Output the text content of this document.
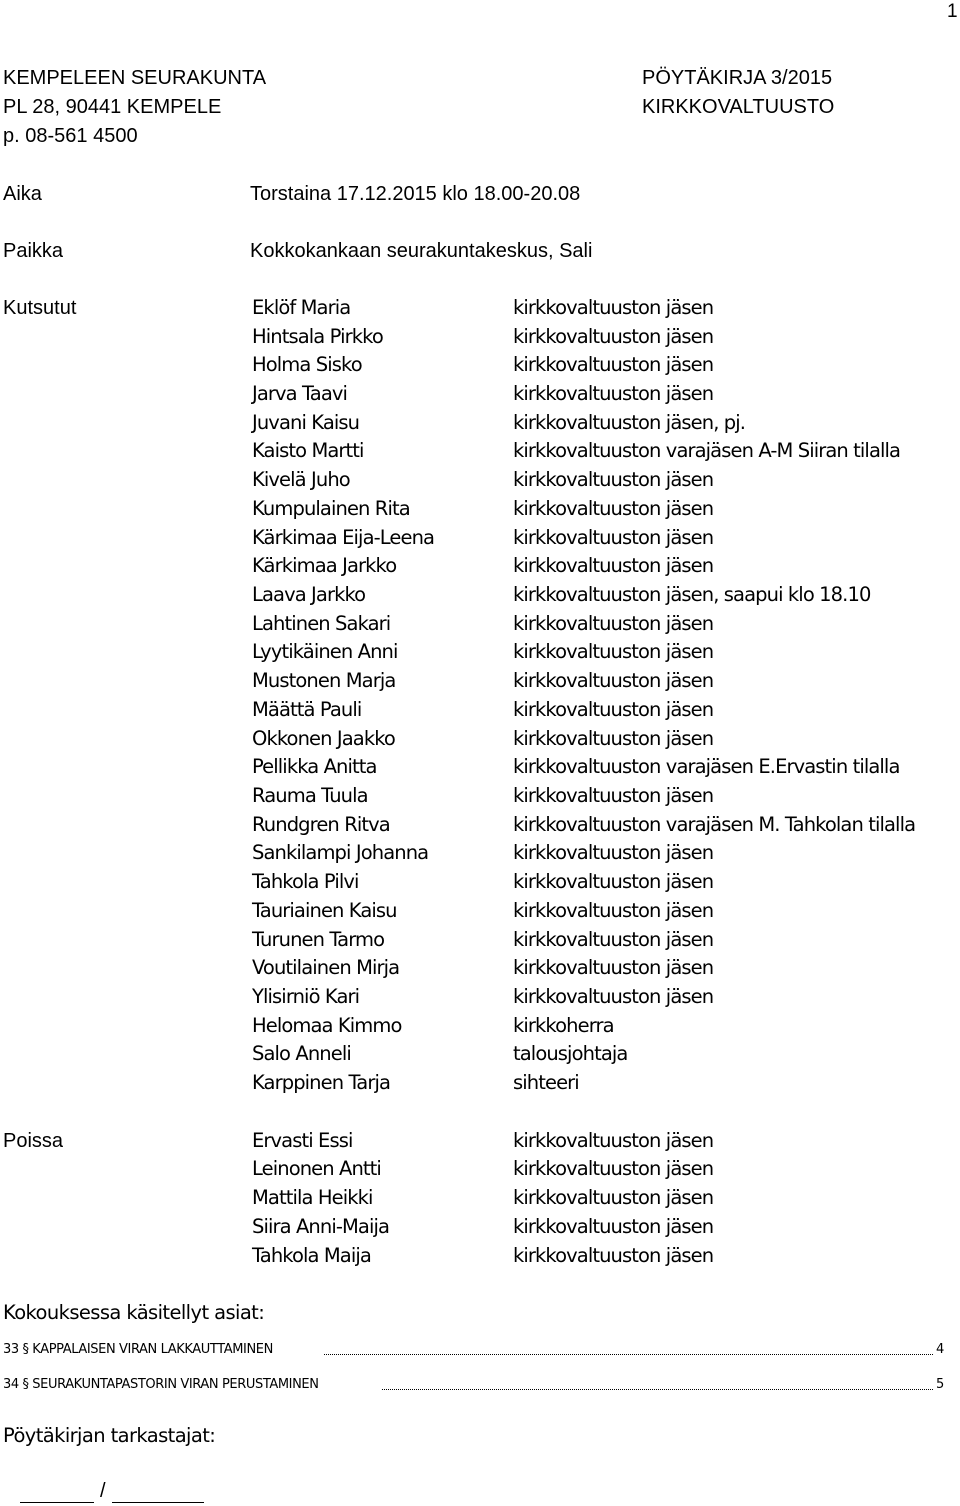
1
KEMPELEEN SEURAKUNTA
PL 28, 90441 KEMPELE
p. 08-561 4500
PÖYTÄKIRJA 3/2015
KIRKKOVALTUUSTO
Aika	Torstaina 17.12.2015 klo 18.00-20.08
Paikka	Kokkokankaan seurakuntakeskus, Sali
Kutsutut	Eklöf Maria	kirkkovaltuuston jäsen
Hintsala Pirkko	kirkkovaltuuston jäsen
Holma Sisko	kirkkovaltuuston jäsen
Jarva Taavi	kirkkovaltuuston jäsen
Juvani Kaisu	kirkkovaltuuston jäsen, pj.
Kaisto Martti	kirkkovaltuuston varajäsen A-M Siiran tilalla
Kivelä Juho	kirkkovaltuuston jäsen
Kumpulainen Rita	kirkkovaltuuston jäsen
Kärkimaa Eija-Leena	kirkkovaltuuston jäsen
Kärkimaa Jarkko	kirkkovaltuuston jäsen
Laava Jarkko	kirkkovaltuuston jäsen, saapui klo 18.10
Lahtinen Sakari	kirkkovaltuuston jäsen
Lyytikäinen Anni	kirkkovaltuuston jäsen
Mustonen Marja	kirkkovaltuuston jäsen
Määttä Pauli	kirkkovaltuuston jäsen
Okkonen Jaakko	kirkkovaltuuston jäsen
Pellikka Anitta	kirkkovaltuuston varajäsen E.Ervastin tilalla
Rauma Tuula	kirkkovaltuuston jäsen
Rundgren Ritva	kirkkovaltuuston varajäsen M. Tahkolan tilalla
Sankilampi Johanna	kirkkovaltuuston jäsen
Tahkola Pilvi	kirkkovaltuuston jäsen
Tauriainen Kaisu	kirkkovaltuuston jäsen
Turunen Tarmo	kirkkovaltuuston jäsen
Voutilainen Mirja	kirkkovaltuuston jäsen
Ylisirniö Kari	kirkkovaltuuston jäsen
Helomaa Kimmo	kirkkoherra
Salo Anneli	talousjohtaja
Karppinen Tarja	sihteeri
Poissa	Ervasti Essi	kirkkovaltuuston jäsen
Leinonen Antti	kirkkovaltuuston jäsen
Mattila Heikki	kirkkovaltuuston jäsen
Siira Anni-Maija	kirkkovaltuuston jäsen
Tahkola Maija	kirkkovaltuuston jäsen
Kokouksessa käsitellyt asiat:
33 § KAPPALAISEN VIRAN LAKKAUTTAMINEN	4
34 § SEURAKUNTAPASTORIN VIRAN PERUSTAMINEN	5
Pöytäkirjan tarkastajat:
/
